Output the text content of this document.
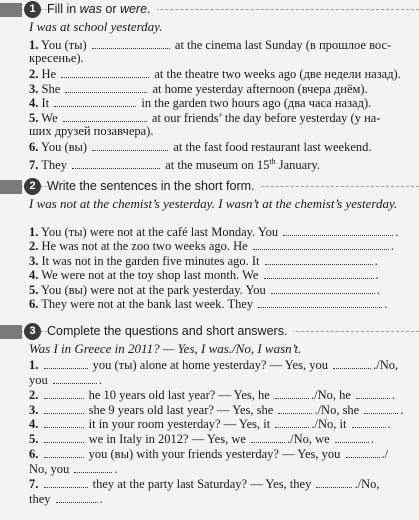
1 Fill in was or were.
I was at school yesterday.
1. You (ты)	at the cinema last Sunday (в прошлое вос-
кресенье).
2. He	at the theatre two weeks ago (две недели назад).
3. She	at home yesterday afternoon (вчера днём).
4. It	in the garden two hours ago (два часа назад).
5. We	at our friends’ the day before yesterday (у на-
ших друзей позавчера).
6. You (вы)	at the fast food restaurant last weekend.
7. They	at the museum on 15th January.
2 Write the sentences in the short form.
I was not at the chemist’s yesterday. I wasn’t at the chemist’s yesterday.
1. You (ты) were not at the café last Monday. You	.
2. He was not at the zoo two weeks ago. He	.
3. It was not in the garden five minutes ago. It	.
4. We were not at the toy shop last month. We	.
5. You (вы) were not at the park yesterday. You	.
6. They were not at the bank last week. They	.
3 Complete the questions and short answers.
Was I in Greece in 2011? — Yes, I was./No, I wasn’t.
1.	you (ты) alone at home yesterday? — Yes, you	./No,
you	.
2.	he 10 years old last year? — Yes, he	./No, he	.
3.	she 9 years old last year? — Yes, she	./No, she	.
4.	it in your room yesterday? — Yes, it	./No, it	.
5.	we in Italy in 2012? — Yes, we	./No, we	.
6.	you (вы) with your friends yesterday? — Yes, you	./
No, you	.
7.	they at the party last Saturday? — Yes, they	./No,
they	.
